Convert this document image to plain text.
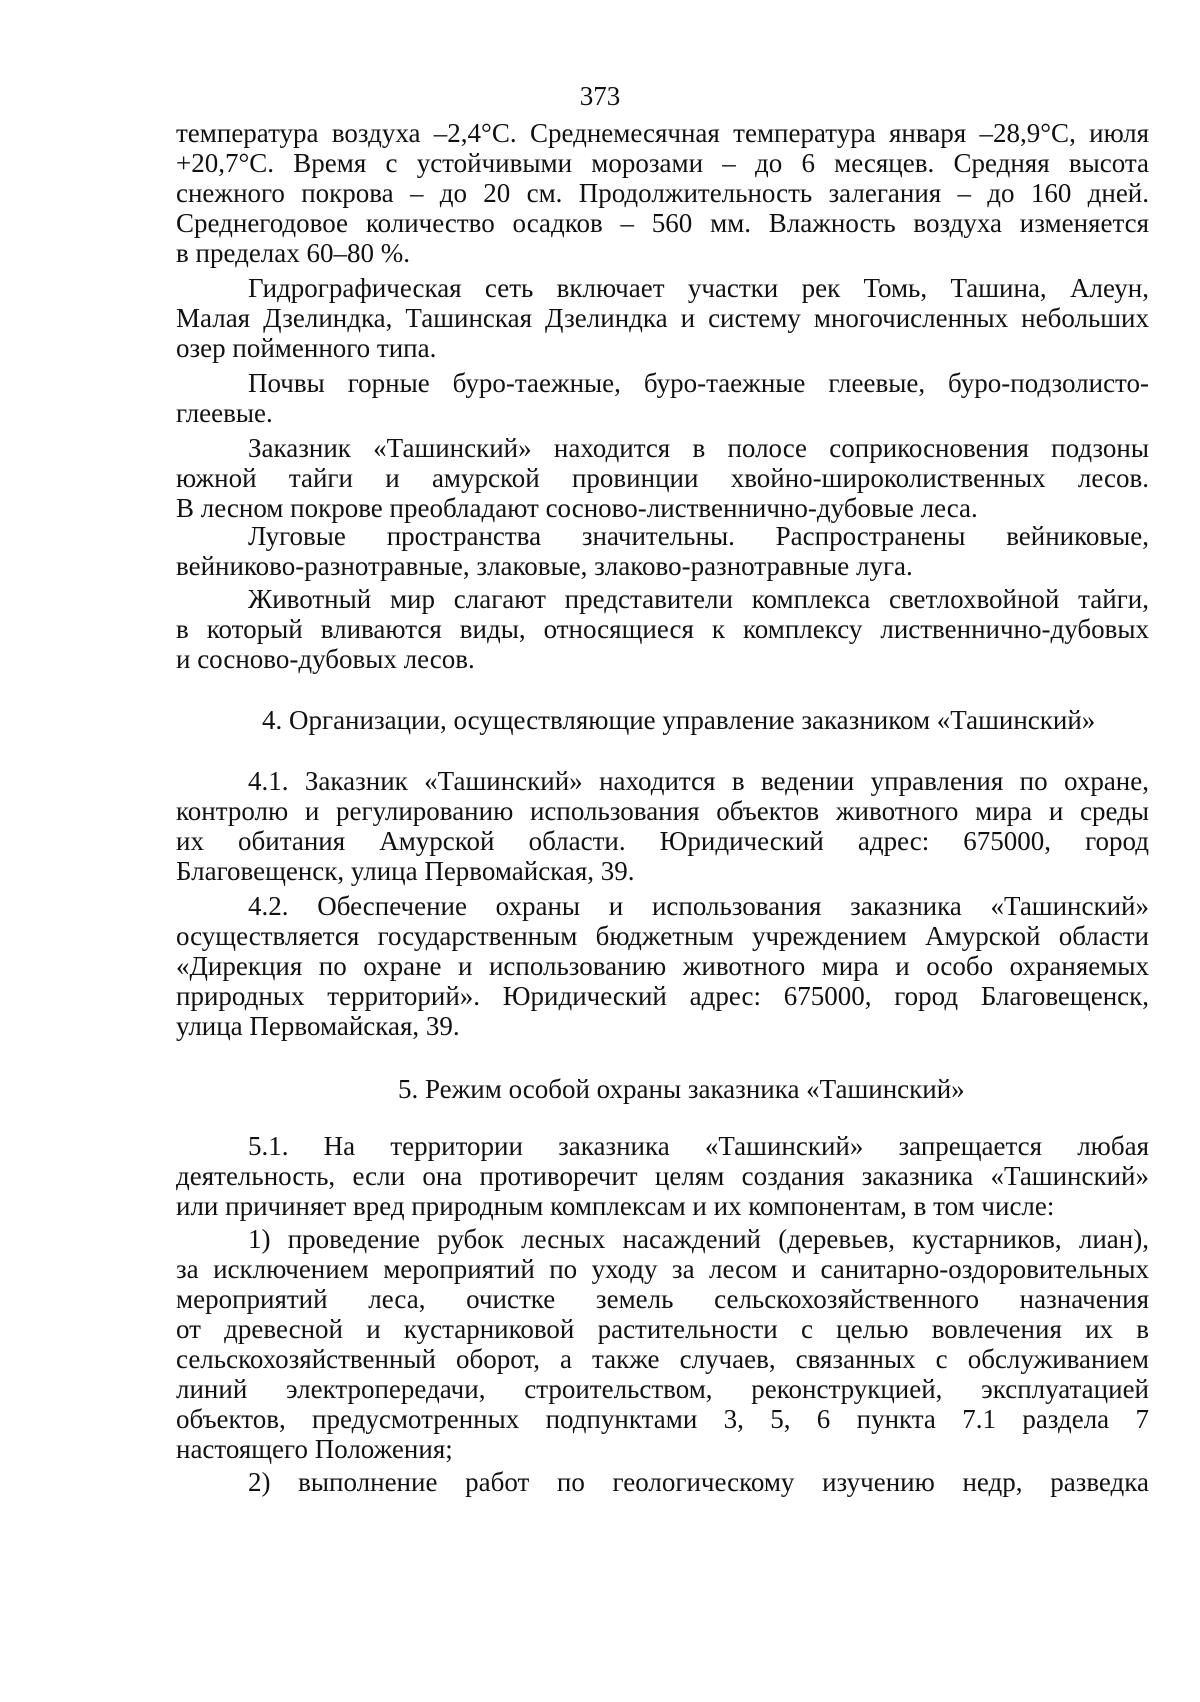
373
температура воздуха –2,4°C. Среднемесячная температура января –28,9°C, июля
+20,7°C. Время с устойчивыми морозами – до 6 месяцев. Средняя высота
снежного покрова – до 20 см. Продолжительность залегания – до 160 дней.
Среднегодовое количество осадков – 560 мм. Влажность воздуха изменяется
в пределах 60–80 %.
Гидрографическая сеть включает участки рек Томь, Ташина, Алеун,
Малая Дзелиндка, Ташинская Дзелиндка и систему многочисленных небольших
озер пойменного типа.
Почвы горные буро-таежные, буро-таежные глеевые, буро-подзолисто-
глеевые.
Заказник «Ташинский» находится в полосе соприкосновения подзоны
южной тайги и амурской провинции хвойно-широколиственных лесов.
В лесном покрове преобладают сосново-лиственнично-дубовые леса.
Луговые пространства значительны. Распространены вейниковые,
вейниково-разнотравные, злаковые, злаково-разнотравные луга.
Животный мир слагают представители комплекса светлохвойной тайги,
в который вливаются виды, относящиеся к комплексу лиственнично-дубовых
и сосново-дубовых лесов.
4. Организации, осуществляющие управление заказником «Ташинский»
4.1. Заказник «Ташинский» находится в ведении управления по охране,
контролю и регулированию использования объектов животного мира и среды
их обитания Амурской области. Юридический адрес: 675000, город
Благовещенск, улица Первомайская, 39.
4.2. Обеспечение охраны и использования заказника «Ташинский»
осуществляется государственным бюджетным учреждением Амурской области
«Дирекция по охране и использованию животного мира и особо охраняемых
природных территорий». Юридический адрес: 675000, город Благовещенск,
улица Первомайская, 39.
5. Режим особой охраны заказника «Ташинский»
5.1. На территории заказника «Ташинский» запрещается любая
деятельность, если она противоречит целям создания заказника «Ташинский»
или причиняет вред природным комплексам и их компонентам, в том числе:
1) проведение рубок лесных насаждений (деревьев, кустарников, лиан),
за исключением мероприятий по уходу за лесом и санитарно-оздоровительных
мероприятий леса, очистке земель сельскохозяйственного назначения
от древесной и кустарниковой растительности с целью вовлечения их в
сельскохозяйственный оборот, а также случаев, связанных с обслуживанием
линий электропередачи, строительством, реконструкцией, эксплуатацией
объектов, предусмотренных подпунктами 3, 5, 6 пункта 7.1 раздела 7
настоящего Положения;
2) выполнение работ по геологическому изучению недр, разведка
